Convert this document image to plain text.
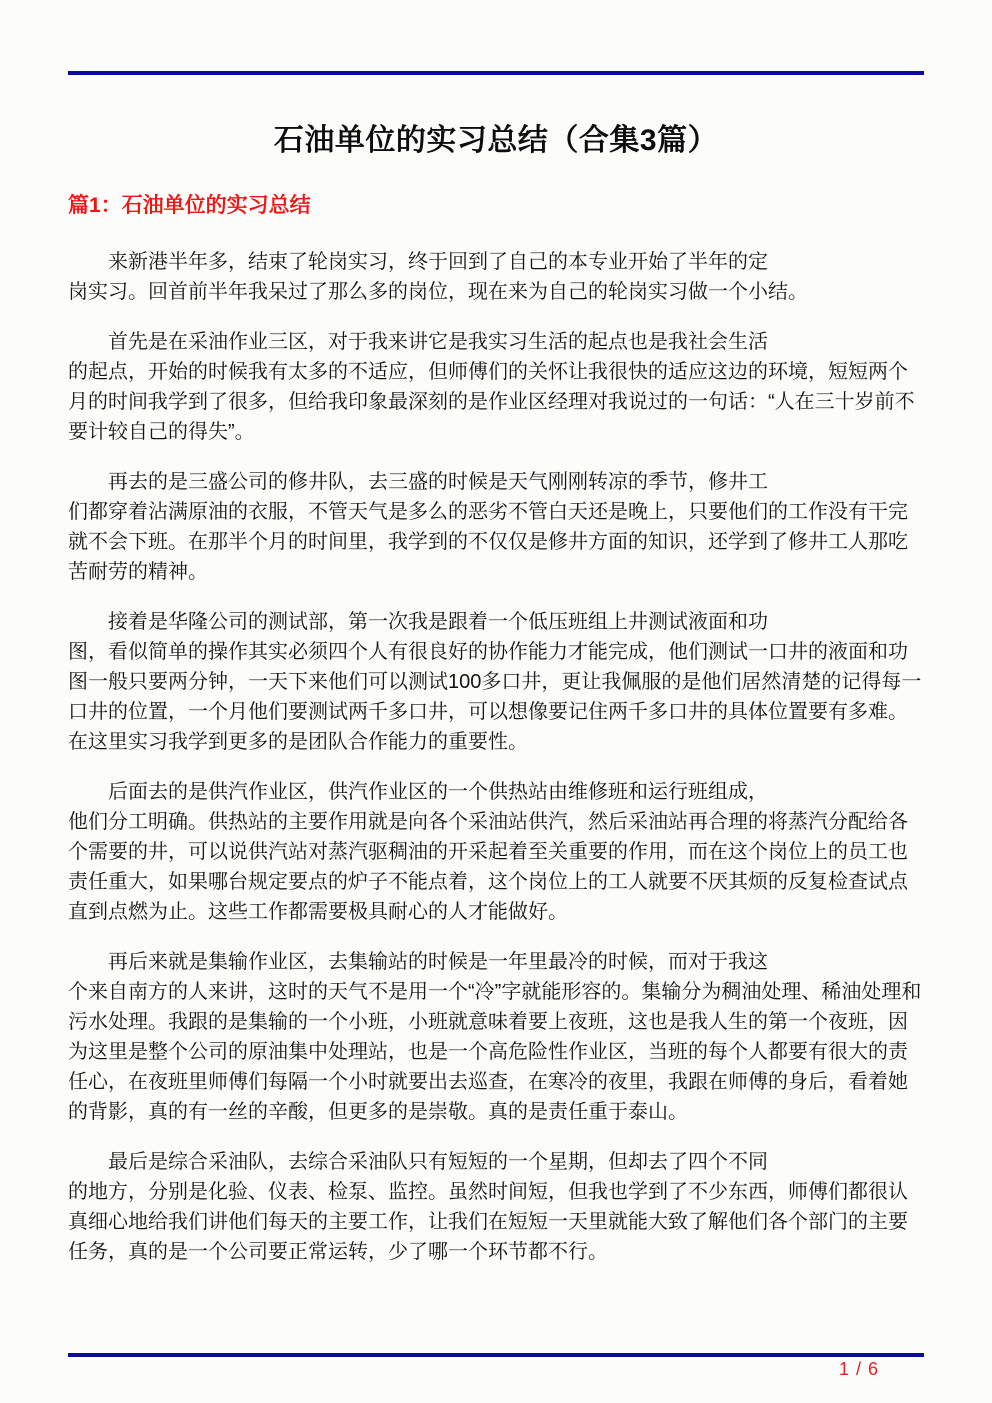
石油单位的实习总结（合集3篇）
篇1：石油单位的实习总结

来新港半年多，结束了轮岗实习，终于回到了自己的本专业开始了半年的定
岗实习。回首前半年我呆过了那么多的岗位，现在来为自己的轮岗实习做一个小结。

首先是在采油作业三区，对于我来讲它是我实习生活的起点也是我社会生活
的起点，开始的时候我有太多的不适应，但师傅们的关怀让我很快的适应这边的环境，短短两个月的时间我学到了很多，但给我印象最深刻的是作业区经理对我说过的一句话：“人在三十岁前不要计较自己的得失”。

再去的是三盛公司的修井队，去三盛的时候是天气刚刚转凉的季节，修井工
们都穿着沾满原油的衣服，不管天气是多么的恶劣不管白天还是晚上，只要他们的工作没有干完就不会下班。在那半个月的时间里，我学到的不仅仅是修井方面的知识，还学到了修井工人那吃苦耐劳的精神。

接着是华隆公司的测试部，第一次我是跟着一个低压班组上井测试液面和功
图，看似简单的操作其实必须四个人有很良好的协作能力才能完成，他们测试一口井的液面和功图一般只要两分钟，一天下来他们可以测试100多口井，更让我佩服的是他们居然清楚的记得每一口井的位置，一个月他们要测试两千多口井，可以想像要记住两千多口井的具体位置要有多难。在这里实习我学到更多的是团队合作能力的重要性。

后面去的是供汽作业区，供汽作业区的一个供热站由维修班和运行班组成，
他们分工明确。供热站的主要作用就是向各个采油站供汽，然后采油站再合理的将蒸汽分配给各个需要的井，可以说供汽站对蒸汽驱稠油的开采起着至关重要的作用，而在这个岗位上的员工也责任重大，如果哪台规定要点的炉子不能点着，这个岗位上的工人就要不厌其烦的反复检查试点直到点燃为止。这些工作都需要极具耐心的人才能做好。

再后来就是集输作业区，去集输站的时候是一年里最冷的时候，而对于我这
个来自南方的人来讲，这时的天气不是用一个“冷”字就能形容的。集输分为稠油处理、稀油处理和污水处理。我跟的是集输的一个小班，小班就意味着要上夜班，这也是我人生的第一个夜班，因为这里是整个公司的原油集中处理站，也是一个高危险性作业区，当班的每个人都要有很大的责任心，在夜班里师傅们每隔一个小时就要出去巡查，在寒冷的夜里，我跟在师傅的身后，看着她的背影，真的有一丝的辛酸，但更多的是崇敬。真的是责任重于泰山。

最后是综合采油队，去综合采油队只有短短的一个星期，但却去了四个不同
的地方，分别是化验、仪表、检泵、监控。虽然时间短，但我也学到了不少东西，师傅们都很认真细心地给我们讲他们每天的主要工作，让我们在短短一天里就能大致了解他们各个部门的主要任务，真的是一个公司要正常运转，少了哪一个环节都不行。

1 / 6
